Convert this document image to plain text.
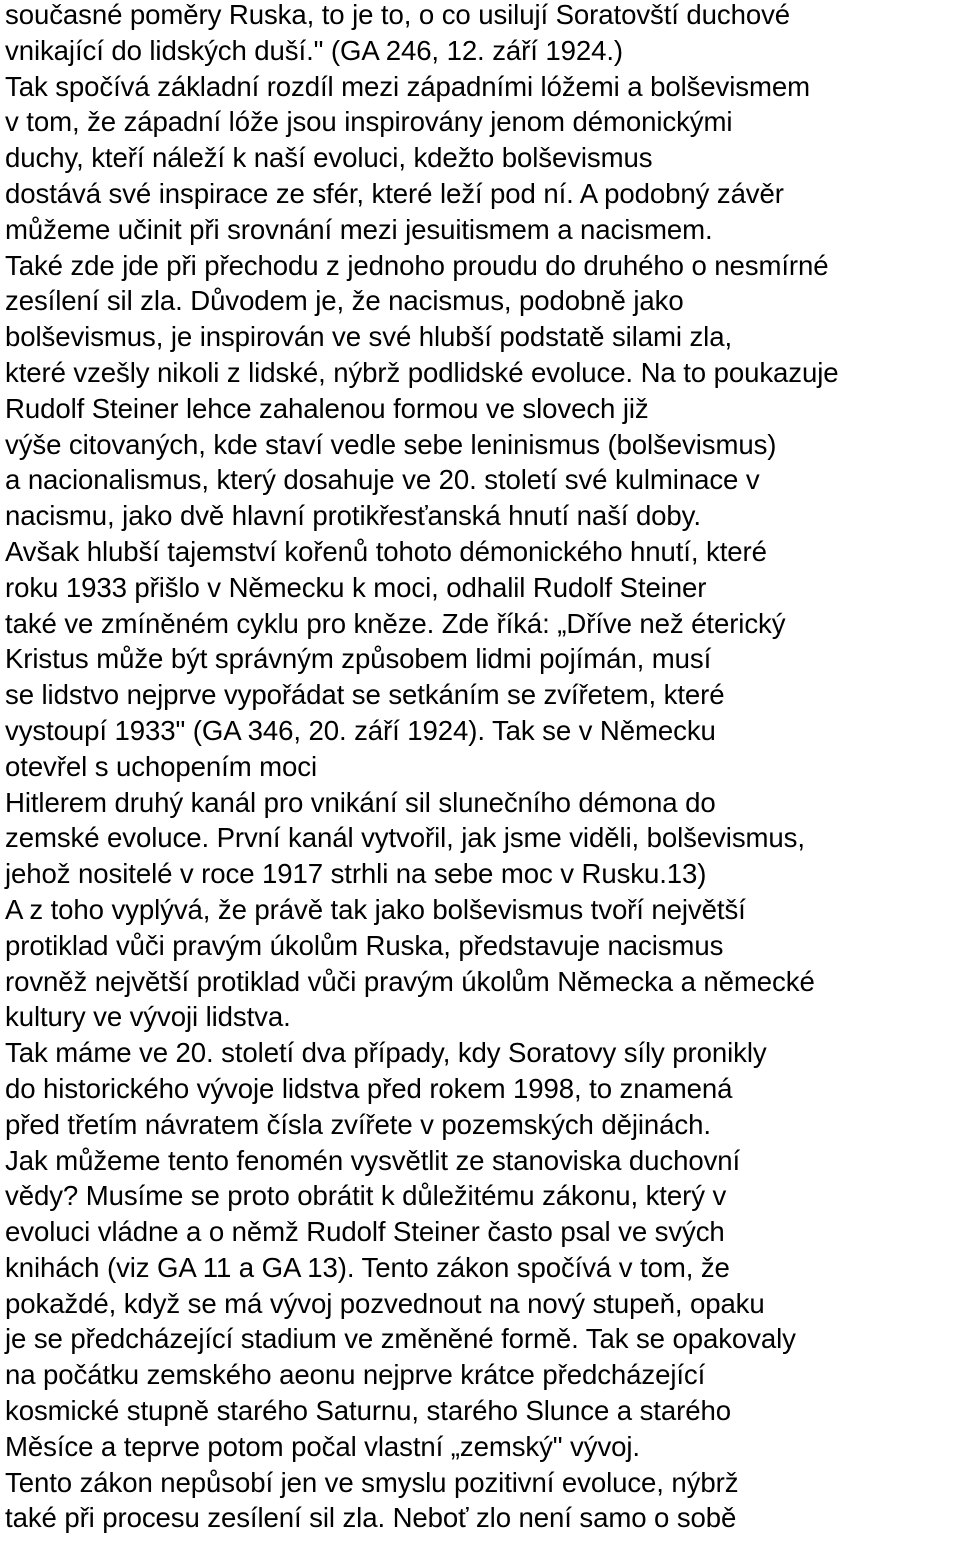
současné poměry Ruska, to je to, o co usilují Soratovští duchové
vnikající do lidských duší." (GA 246, 12. září 1924.)
Tak spočívá základní rozdíl mezi západními lóžemi a bolševismem
v tom, že západní lóže jsou inspirovány jenom démonickými
duchy, kteří náleží k naší evoluci, kdežto bolševismus
dostává své inspirace ze sfér, které leží pod ní. A podobný závěr
můžeme učinit při srovnání mezi jesuitismem a nacismem.
Také zde jde při přechodu z jednoho proudu do druhého o nesmírné
zesílení sil zla. Důvodem je, že nacismus, podobně jako
bolševismus, je inspirován ve své hlubší podstatě silami zla,
které vzešly nikoli z lidské, nýbrž podlidské evoluce. Na to poukazuje
Rudolf Steiner lehce zahalenou formou ve slovech již
výše citovaných, kde staví vedle sebe leninismus (bolševismus)
a nacionalismus, který dosahuje ve 20. století své kulminace v
nacismu, jako dvě hlavní protikřesťanská hnutí naší doby.
Avšak hlubší tajemství kořenů tohoto démonického hnutí, které
roku 1933 přišlo v Německu k moci, odhalil Rudolf Steiner
také ve zmíněném cyklu pro kněze. Zde říká: „Dříve než éterický
Kristus může být správným způsobem lidmi pojímán, musí
se lidstvo nejprve vypořádat se setkáním se zvířetem, které
vystoupí 1933" (GA 346, 20. září 1924). Tak se v Německu
otevřel s uchopením moci
Hitlerem druhý kanál pro vnikání sil slunečního démona do
zemské evoluce. První kanál vytvořil, jak jsme viděli, bolševismus,
jehož nositelé v roce 1917 strhli na sebe moc v Rusku.13)
A z toho vyplývá, že právě tak jako bolševismus tvoří největší
protiklad vůči pravým úkolům Ruska, představuje nacismus
rovněž největší protiklad vůči pravým úkolům Německa a německé
kultury ve vývoji lidstva.
Tak máme ve 20. století dva případy, kdy Soratovy síly pronikly
do historického vývoje lidstva před rokem 1998, to znamená
před třetím návratem čísla zvířete v pozemských dějinách.
Jak můžeme tento fenomén vysvětlit ze stanoviska duchovní
vědy? Musíme se proto obrátit k důležitému zákonu, který v
evoluci vládne a o němž Rudolf Steiner často psal ve svých
knihách (viz GA 11 a GA 13). Tento zákon spočívá v tom, že
pokaždé, když se má vývoj pozvednout na nový stupeň, opaku
je se předcházející stadium ve změněné formě. Tak se opakovaly
na počátku zemského aeonu nejprve krátce předcházející
kosmické stupně starého Saturnu, starého Slunce a starého
Měsíce a teprve potom počal vlastní „zemský" vývoj.
Tento zákon nepůsobí jen ve smyslu pozitivní evoluce, nýbrž
také při procesu zesílení sil zla. Neboť zlo není samo o sobě
